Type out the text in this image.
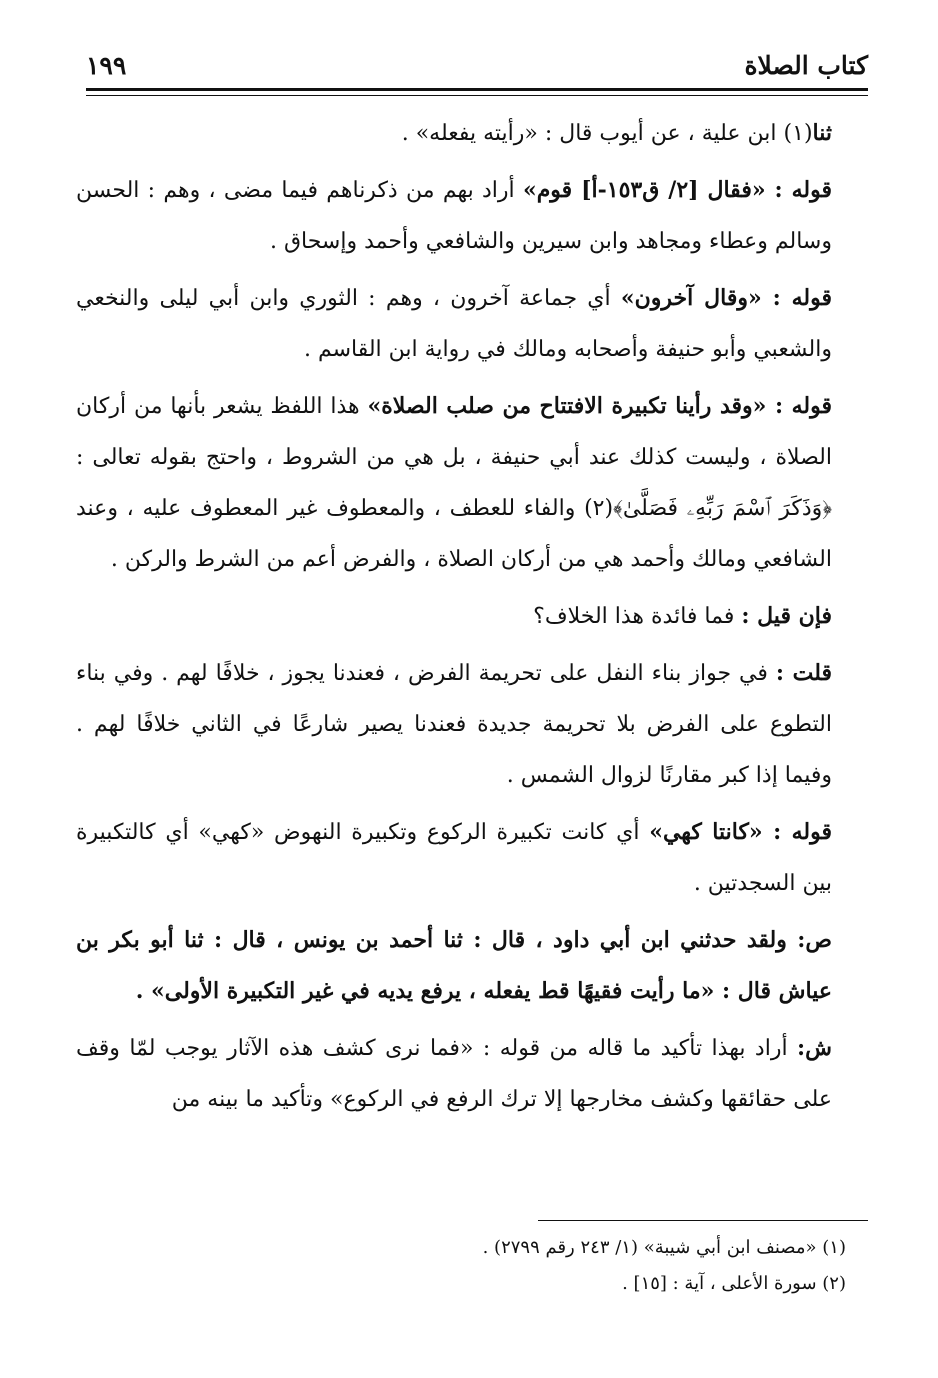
كتاب الصلاة
١٩٩

ثنا(١) ابن علية ، عن أيوب قال : «رأيته يفعله» .

قوله : «فقال [٢/ ق١٥٣-أ] قوم» أراد بهم من ذكرناهم فيما مضى ، وهم : الحسن وسالم وعطاء ومجاهد وابن سيرين والشافعي وأحمد وإسحاق .

قوله : «وقال آخرون» أي جماعة آخرون ، وهم : الثوري وابن أبي ليلى والنخعي والشعبي وأبو حنيفة وأصحابه ومالك في رواية ابن القاسم .

قوله : «وقد رأينا تكبيرة الافتتاح من صلب الصلاة» هذا اللفظ يشعر بأنها من أركان الصلاة ، وليست كذلك عند أبي حنيفة ، بل هي من الشروط ، واحتج بقوله تعالى : ﴿وَذَكَرَ ٱسْمَ رَبِّهِۦ فَصَلَّىٰ﴾(٢) والفاء للعطف ، والمعطوف غير المعطوف عليه ، وعند الشافعي ومالك وأحمد هي من أركان الصلاة ، والفرض أعم من الشرط والركن .

فإن قيل : فما فائدة هذا الخلاف؟

قلت : في جواز بناء النفل على تحريمة الفرض ، فعندنا يجوز ، خلافًا لهم . وفي بناء التطوع على الفرض بلا تحريمة جديدة فعندنا يصير شارعًا في الثاني خلافًا لهم . وفيما إذا كبر مقارنًا لزوال الشمس .

قوله : «كانتا كهي» أي كانت تكبيرة الركوع وتكبيرة النهوض «كهي» أي كالتكبيرة بين السجدتين .

ص: ولقد حدثني ابن أبي داود ، قال : ثنا أحمد بن يونس ، قال : ثنا أبو بكر بن عياش قال : «ما رأيت فقيهًا قط يفعله ، يرفع يديه في غير التكبيرة الأولى» .

ش: أراد بهذا تأكيد ما قاله من قوله : «فما نرى كشف هذه الآثار يوجب لمّا وقف على حقائقها وكشف مخارجها إلا ترك الرفع في الركوع» وتأكيد ما بينه من

(١) «مصنف ابن أبي شيبة» (١/ ٢٤٣ رقم ٢٧٩٩) .

(٢) سورة الأعلى ، آية : [١٥] .
